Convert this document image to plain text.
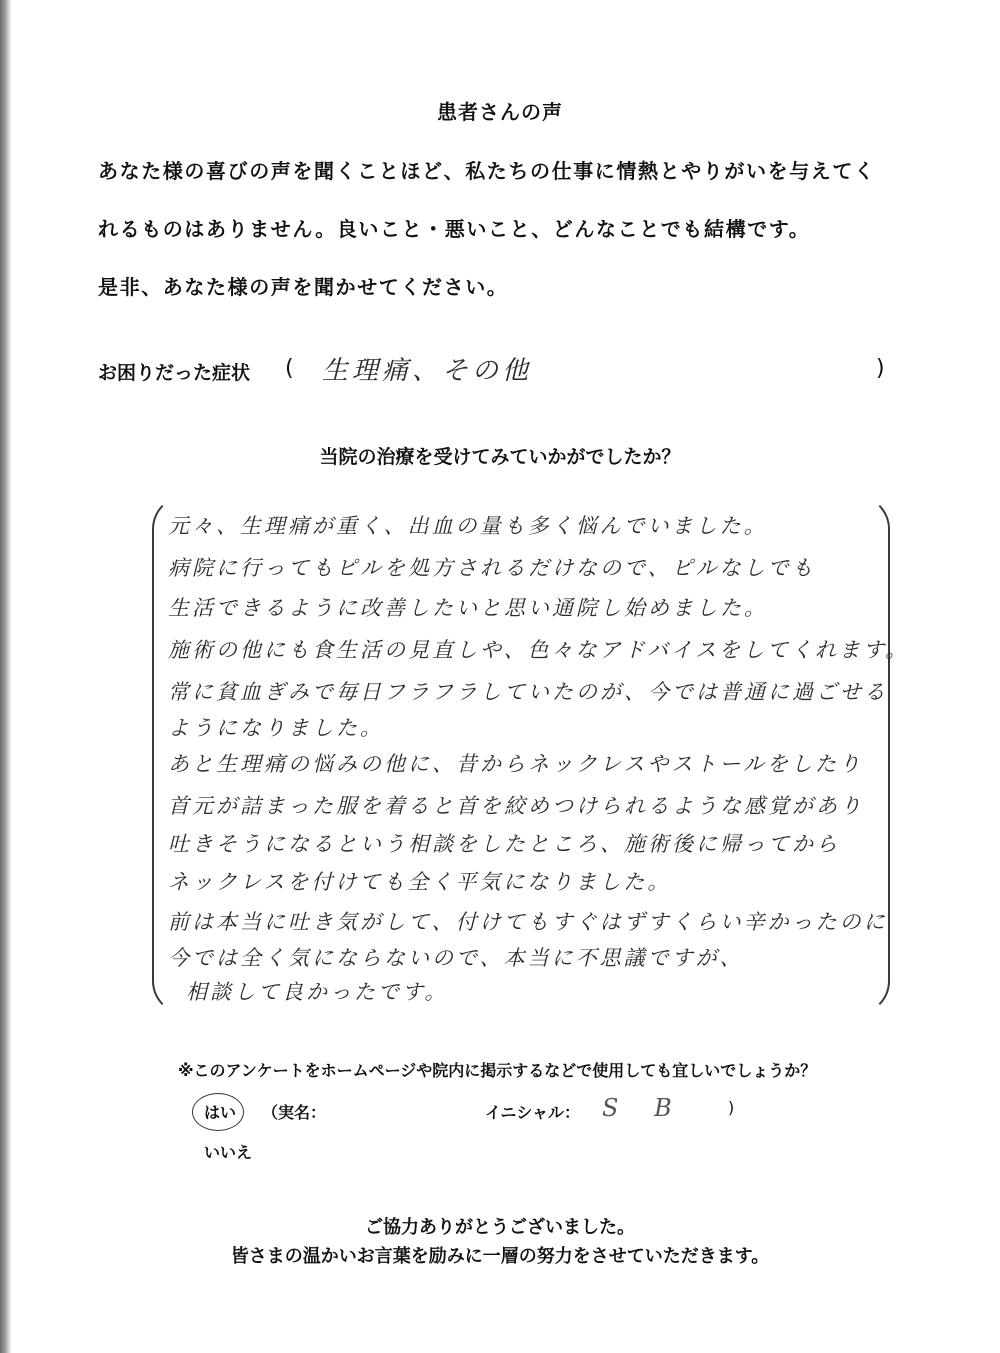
患者さんの声
あなた様の喜びの声を聞くことほど、私たちの仕事に情熱とやりがいを与えてく
れるものはありません。良いこと・悪いこと、どんなことでも結構です。
是非、あなた様の声を聞かせてください。
お困りだった症状 ( 生理痛、その他	)
当院の治療を受けてみていかがでしたか？
元々、生理痛が重く、出血の量も多く悩んでいました。
病院に行ってもピルを処方されるだけなので、ピルなしでも
生活できるように改善したいと思い通院し始めました。
施術の他にも食生活の見直しや、色々なアドバイスをしてくれます。
常に貧血ぎみで毎日フラフラしていたのが、今では普通に過ごせる
ようになりました。
あと生理痛の悩みの他に、昔からネックレスやストールをしたり
首元が詰まった服を着ると首を絞めつけられるような感覚があり
吐きそうになるという相談をしたところ、施術後に帰ってから
ネックレスを付けても全く平気になりました。
前は本当に吐き気がして、付けてもすぐはずすくらい辛かったのに
今では全く気にならないので、本当に不思議ですが、
相談して良かったです。
※このアンケートをホームページや院内に掲示するなどで使用しても宜しいでしょうか？
はい （実名：	イニシャル： S B	)
いいえ
ご協力ありがとうございました。
皆さまの温かいお言葉を励みに一層の努力をさせていただきます。
